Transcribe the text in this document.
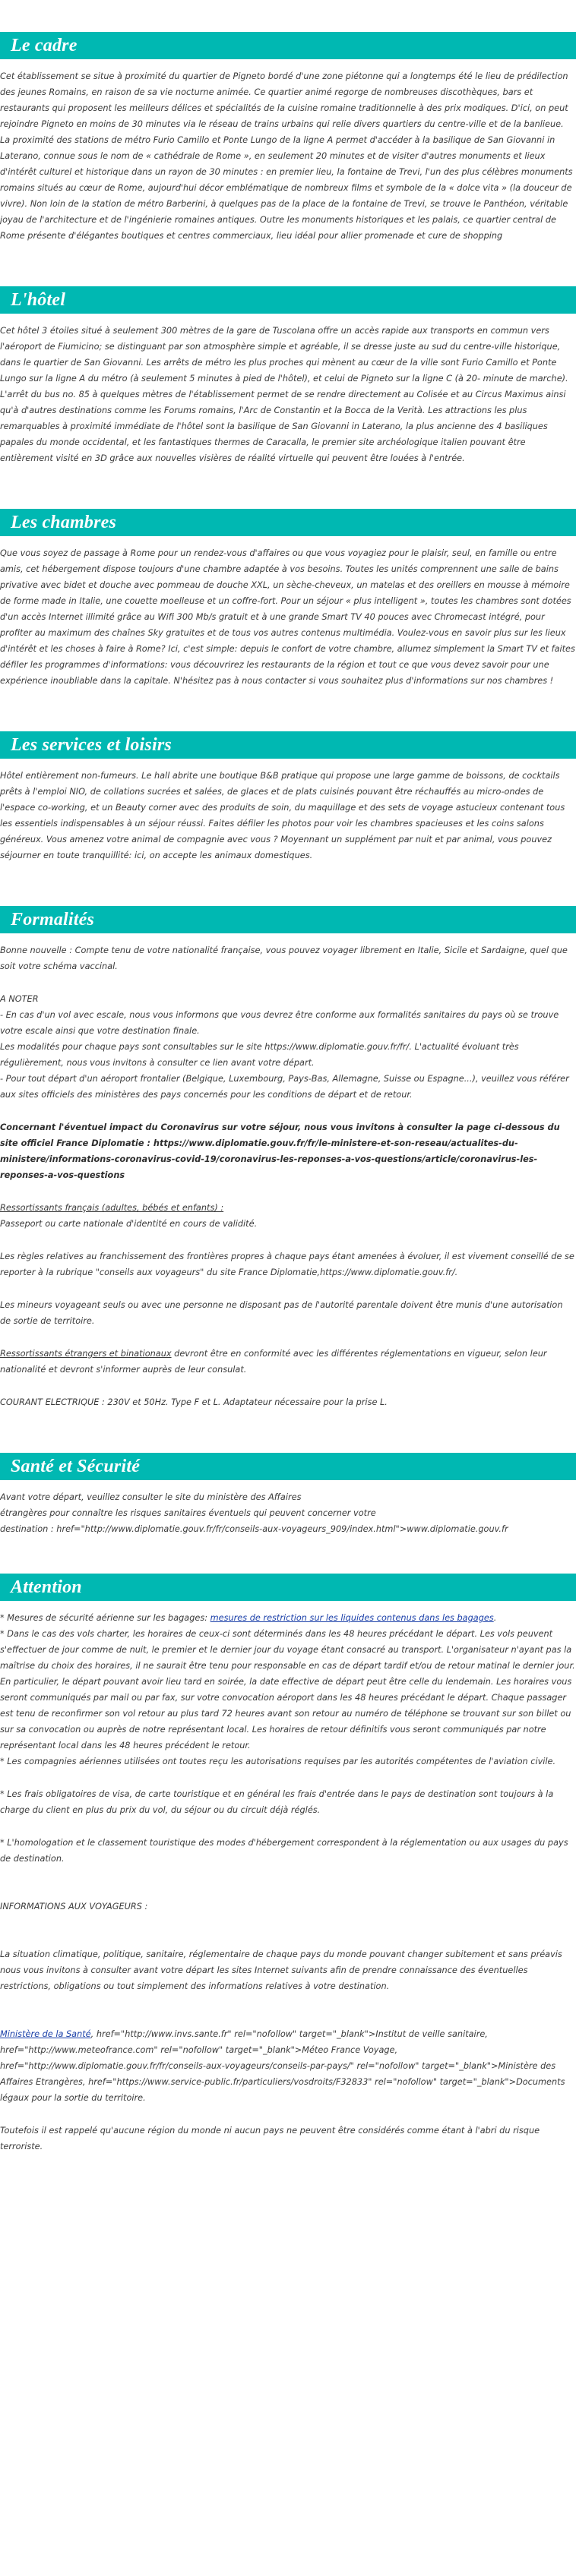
Le cadre

Cet établissement se situe à proximité du quartier de Pigneto bordé d'une zone piétonne qui a longtemps été le lieu de prédilection des jeunes Romains, en raison de sa vie nocturne animée. Ce quartier animé regorge de nombreuses discothèques, bars et restaurants qui proposent les meilleurs délices et spécialités de la cuisine romaine traditionnelle à des prix modiques. D'ici, on peut rejoindre Pigneto en moins de 30 minutes via le réseau de trains urbains qui relie divers quartiers du centre-ville et de la banlieue. La proximité des stations de métro Furio Camillo et Ponte Lungo de la ligne A permet d'accéder à la basilique de San Giovanni in Laterano, connue sous le nom de « cathédrale de Rome », en seulement 20 minutes et de visiter d'autres monuments et lieux d'intérêt culturel et historique dans un rayon de 30 minutes : en premier lieu, la fontaine de Trevi, l'un des plus célèbres monuments romains situés au cœur de Rome, aujourd'hui décor emblématique de nombreux films et symbole de la « dolce vita » (la douceur de vivre). Non loin de la station de métro Barberini, à quelques pas de la place de la fontaine de Trevi, se trouve le Panthéon, véritable joyau de l'architecture et de l'ingénierie romaines antiques. Outre les monuments historiques et les palais, ce quartier central de Rome présente d'élégantes boutiques et centres commerciaux, lieu idéal pour allier promenade et cure de shopping

L'hôtel

Cet hôtel 3 étoiles situé à seulement 300 mètres de la gare de Tuscolana offre un accès rapide aux transports en commun vers l'aéroport de Fiumicino; se distinguant par son atmosphère simple et agréable, il se dresse juste au sud du centre-ville historique, dans le quartier de San Giovanni. Les arrêts de métro les plus proches qui mènent au cœur de la ville sont Furio Camillo et Ponte Lungo sur la ligne A du métro (à seulement 5 minutes à pied de l'hôtel), et celui de Pigneto sur la ligne C (à 20- minute de marche). L'arrêt du bus no. 85 à quelques mètres de l'établissement permet de se rendre directement au Colisée et au Circus Maximus ainsi qu'à d'autres destinations comme les Forums romains, l'Arc de Constantin et la Bocca de la Verità. Les attractions les plus remarquables à proximité immédiate de l'hôtel sont la basilique de San Giovanni in Laterano, la plus ancienne des 4 basiliques papales du monde occidental, et les fantastiques thermes de Caracalla, le premier site archéologique italien pouvant être entièrement visité en 3D grâce aux nouvelles visières de réalité virtuelle qui peuvent être louées à l'entrée.

Les chambres

Que vous soyez de passage à Rome pour un rendez-vous d'affaires ou que vous voyagiez pour le plaisir, seul, en famille ou entre amis, cet hébergement dispose toujours d'une chambre adaptée à vos besoins. Toutes les unités comprennent une salle de bains privative avec bidet et douche avec pommeau de douche XXL, un sèche-cheveux, un matelas et des oreillers en mousse à mémoire de forme made in Italie, une couette moelleuse et un coffre-fort. Pour un séjour « plus intelligent », toutes les chambres sont dotées d'un accès Internet illimité grâce au Wifi 300 Mb/s gratuit et à une grande Smart TV 40 pouces avec Chromecast intégré, pour profiter au maximum des chaînes Sky gratuites et de tous vos autres contenus multimédia. Voulez-vous en savoir plus sur les lieux d'intérêt et les choses à faire à Rome? Ici, c'est simple: depuis le confort de votre chambre, allumez simplement la Smart TV et faites défiler les programmes d'informations: vous découvrirez les restaurants de la région et tout ce que vous devez savoir pour une expérience inoubliable dans la capitale. N'hésitez pas à nous contacter si vous souhaitez plus d'informations sur nos chambres !

Les services et loisirs

Hôtel entièrement non-fumeurs. Le hall abrite une boutique B&B pratique qui propose une large gamme de boissons, de cocktails prêts à l'emploi NIO, de collations sucrées et salées, de glaces et de plats cuisinés pouvant être réchauffés au micro-ondes de l'espace co-working, et un Beauty corner avec des produits de soin, du maquillage et des sets de voyage astucieux contenant tous les essentiels indispensables à un séjour réussi. Faites défiler les photos pour voir les chambres spacieuses et les coins salons généreux. Vous amenez votre animal de compagnie avec vous ? Moyennant un supplément par nuit et par animal, vous pouvez séjourner en toute tranquillité: ici, on accepte les animaux domestiques.

Formalités

Bonne nouvelle : Compte tenu de votre nationalité française, vous pouvez voyager librement en Italie, Sicile et Sardaigne, quel que soit votre schéma vaccinal.

A NOTER

- En cas d'un vol avec escale, nous vous informons que vous devrez être conforme aux formalités sanitaires du pays où se trouve votre escale ainsi que votre destination finale.

Les modalités pour chaque pays sont consultables sur le site https://www.diplomatie.gouv.fr/fr/. L'actualité évoluant très régulièrement, nous vous invitons à consulter ce lien avant votre départ.

- Pour tout départ d'un aéroport frontalier (Belgique, Luxembourg, Pays-Bas, Allemagne, Suisse ou Espagne...), veuillez vous référer aux sites officiels des ministères des pays concernés pour les conditions de départ et de retour.

Concernant l'éventuel impact du Coronavirus sur votre séjour, nous vous invitons à consulter la page ci-dessous du site officiel France Diplomatie : https://www.diplomatie.gouv.fr/fr/le-ministere-et-son-reseau/actualites-du-ministere/informations-coronavirus-covid-19/coronavirus-les-reponses-a-vos-questions/article/coronavirus-les-reponses-a-vos-questions

Ressortissants français (adultes, bébés et enfants) :

Passeport ou carte nationale d'identité en cours de validité.

Les règles relatives au franchissement des frontières propres à chaque pays étant amenées à évoluer, il est vivement conseillé de se reporter à la rubrique "conseils aux voyageurs" du site France Diplomatie,https://www.diplomatie.gouv.fr/.

Les mineurs voyageant seuls ou avec une personne ne disposant pas de l'autorité parentale doivent être munis d'une autorisation de sortie de territoire.

Ressortissants étrangers et binationaux devront être en conformité avec les différentes réglementations en vigueur, selon leur nationalité et devront s'informer auprès de leur consulat.

COURANT ELECTRIQUE : 230V et 50Hz. Type F et L. Adaptateur nécessaire pour la prise L.

Santé et Sécurité

Avant votre départ, veuillez consulter le site du ministère des Affaires

étrangères pour connaître les risques sanitaires éventuels qui peuvent concerner votre

destination : href="http://www.diplomatie.gouv.fr/fr/conseils-aux-voyageurs_909/index.html">www.diplomatie.gouv.fr

Attention

* Mesures de sécurité aérienne sur les bagages: mesures de restriction sur les liquides contenus dans les bagages.

* Dans le cas des vols charter, les horaires de ceux-ci sont déterminés dans les 48 heures précédant le départ. Les vols peuvent s'effectuer de jour comme de nuit, le premier et le dernier jour du voyage étant consacré au transport. L'organisateur n'ayant pas la maîtrise du choix des horaires, il ne saurait être tenu pour responsable en cas de départ tardif et/ou de retour matinal le dernier jour. En particulier, le départ pouvant avoir lieu tard en soirée, la date effective de départ peut être celle du lendemain. Les horaires vous seront communiqués par mail ou par fax, sur votre convocation aéroport dans les 48 heures précédant le départ. Chaque passager est tenu de reconfirmer son vol retour au plus tard 72 heures avant son retour au numéro de téléphone se trouvant sur son billet ou sur sa convocation ou auprès de notre représentant local. Les horaires de retour définitifs vous seront communiqués par notre représentant local dans les 48 heures précédent le retour.

* Les compagnies aériennes utilisées ont toutes reçu les autorisations requises par les autorités compétentes de l'aviation civile.

* Les frais obligatoires de visa, de carte touristique et en général les frais d'entrée dans le pays de destination sont toujours à la charge du client en plus du prix du vol, du séjour ou du circuit déjà réglés.

* L'homologation et le classement touristique des modes d'hébergement correspondent à la réglementation ou aux usages du pays de destination.

INFORMATIONS AUX VOYAGEURS :

La situation climatique, politique, sanitaire, réglementaire de chaque pays du monde pouvant changer subitement et sans préavis

nous vous invitons à consulter avant votre départ les sites Internet suivants afin de prendre connaissance des éventuelles restrictions, obligations ou tout simplement des informations relatives à votre destination.

Ministère de la Santé, href="http://www.invs.sante.fr" rel="nofollow" target="_blank">Institut de veille sanitaire, href="http://www.meteofrance.com" rel="nofollow" target="_blank">Méteo France Voyage, href="http://www.diplomatie.gouv.fr/fr/conseils-aux-voyageurs/conseils-par-pays/" rel="nofollow" target="_blank">Ministère des Affaires Etrangères, href="https://www.service-public.fr/particuliers/vosdroits/F32833" rel="nofollow" target="_blank">Documents légaux pour la sortie du territoire.

Toutefois il est rappelé qu'aucune région du monde ni aucun pays ne peuvent être considérés comme étant à l'abri du risque terroriste.
